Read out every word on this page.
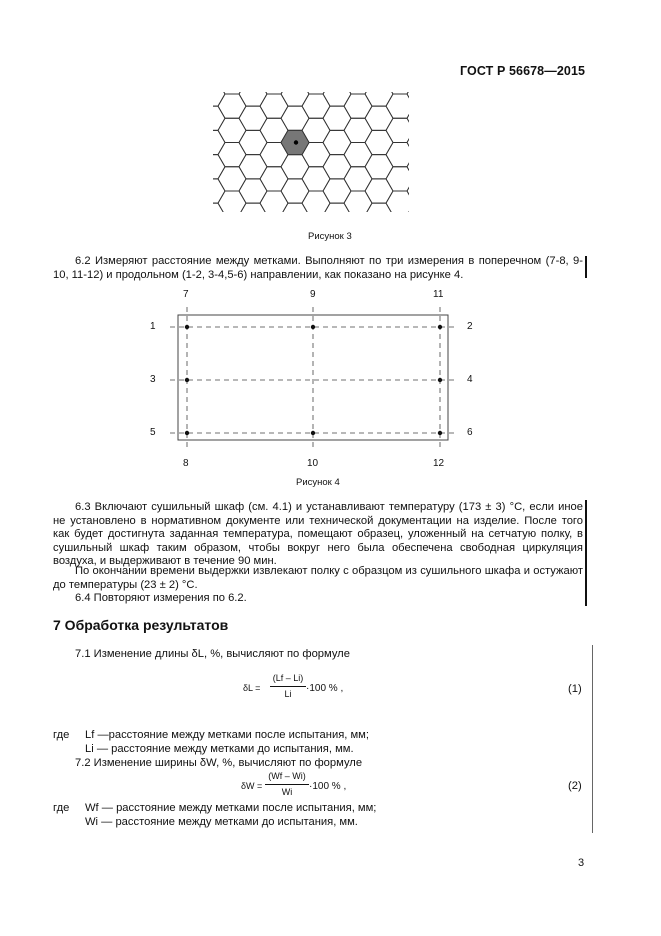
ГОСТ Р 56678—2015
Рисунок 3
6.2 Измеряют расстояние между метками. Выполняют по три измерения в поперечном (7-8, 9-10, 11-12) и продольном (1-2, 3-4,5-6) направлении, как показано на рисунке 4.
7	9	11
1
3
5
2
4
6
8	10	12
Рисунок 4
6.3 Включают сушильный шкаф (см. 4.1) и устанавливают температуру (173 ± 3) °С, если иное не установлено в нормативном документе или технической документации на изделие. После того как будет достигнута заданная температура, помещают образец, уложенный на сетчатую полку, в сушильный шкаф таким образом, чтобы вокруг него была обеспечена свободная циркуляция воздуха, и выдерживают в течение 90 мин.
По окончании времени выдержки извлекают полку с образцом из сушильного шкафа и остужают до температуры (23 ± 2) °С.
6.4 Повторяют измерения по 6.2.
7 Обработка результатов
7.1 Изменение длины δL, %, вычисляют по формуле
δL =
(Lf – Li)
Li	·100 % ,	(1)
где Lf —расстояние между метками после испытания, мм;
Li — расстояние между метками до испытания, мм.
7.2 Изменение ширины δW, %, вычисляют по формуле
δW =
(Wf – Wi)
Wi	·100 % ,	(2)
где Wf — расстояние между метками после испытания, мм;
Wi — расстояние между метками до испытания, мм.
3
